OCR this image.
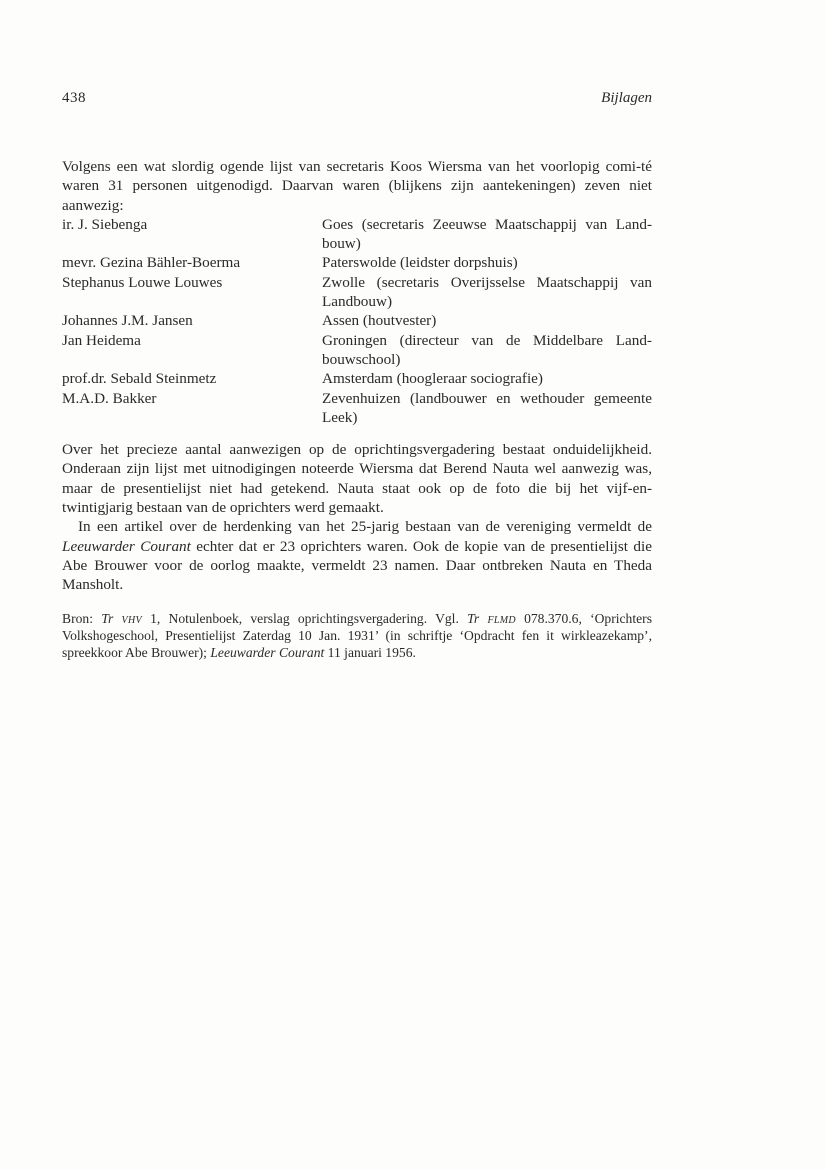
438	Bijlagen

Volgens een wat slordig ogende lijst van secretaris Koos Wiersma van het voorlopig comi-té waren 31 personen uitgenodigd. Daarvan waren (blijkens zijn aantekeningen) zeven niet aanwezig:

ir. J. Siebenga	Goes (secretaris Zeeuwse Maatschappij van Land-bouw)
mevr. Gezina Bähler-Boerma	Paterswolde (leidster dorpshuis)
Stephanus Louwe Louwes	Zwolle (secretaris Overijsselse Maatschappij van Landbouw)
Johannes J.M. Jansen	Assen (houtvester)
Jan Heidema	Groningen (directeur van de Middelbare Land-bouwschool)
prof.dr. Sebald Steinmetz	Amsterdam (hoogleraar sociografie)
M.A.D. Bakker	Zevenhuizen (landbouwer en wethouder gemeente Leek)

Over het precieze aantal aanwezigen op de oprichtingsvergadering bestaat onduidelijkheid. Onderaan zijn lijst met uitnodigingen noteerde Wiersma dat Berend Nauta wel aanwezig was, maar de presentielijst niet had getekend. Nauta staat ook op de foto die bij het vijf-en-twintigjarig bestaan van de oprichters werd gemaakt.

In een artikel over de herdenking van het 25-jarig bestaan van de vereniging vermeldt de Leeuwarder Courant echter dat er 23 oprichters waren. Ook de kopie van de presentielijst die Abe Brouwer voor de oorlog maakte, vermeldt 23 namen. Daar ontbreken Nauta en Theda Mansholt.

Bron: Tr vhv 1, Notulenboek, verslag oprichtingsvergadering. Vgl. Tr flmd 078.370.6, ‘Oprichters Volkshogeschool, Presentielijst Zaterdag 10 Jan. 1931’ (in schriftje ‘Opdracht fen it wirkleazekamp’, spreekkoor Abe Brouwer); Leeuwarder Courant 11 januari 1956.
